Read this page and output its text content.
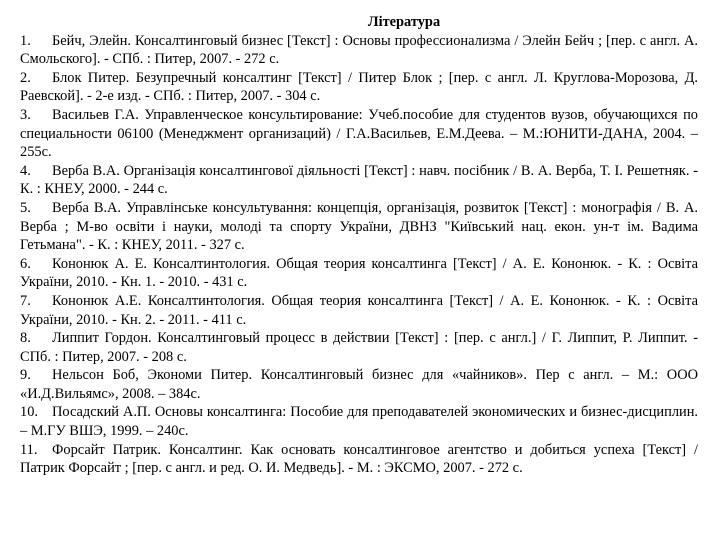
Література

1. Бейч, Элейн. Консалтинговый бизнес [Текст] : Основы профессионализма / Элейн Бейч ; [пер. с англ. А. Смольского]. - СПб. : Питер, 2007. - 272 с.

2. Блок Питер. Безупречный консалтинг [Текст] / Питер Блок ; [пер. с англ. Л. Круглова-Морозова, Д. Раевской]. - 2-е изд. - СПб. : Питер, 2007. - 304 с.

3. Васильев Г.А. Управленческое консультирование: Учеб.пособие для студентов вузов, обучающихся по специальности 06100 (Менеджмент организаций) / Г.А.Васильев, Е.М.Деева. – М.:ЮНИТИ-ДАНА, 2004. – 255с.

4. Верба В.А. Організація консалтингової діяльності [Текст] : навч. посібник / В. А. Верба, Т. І. Решетняк. - К. : КНЕУ, 2000. - 244 с.

5. Верба В.А. Управлінське консультування: концепція, організація, розвиток [Текст] : монографія / В. А. Верба ; М-во освіти і науки, молоді та спорту України, ДВНЗ "Київський нац. екон. ун-т ім. Вадима Гетьмана". - К. : КНЕУ, 2011. - 327 с.

6. Кононюк А. Е. Консалтинтология. Общая теория консалтинга [Текст] / А. Е. Кононюк. - К. : Освіта України, 2010. - Кн. 1. - 2010. - 431 с.

7. Кононюк А.Е. Консалтинтология. Общая теория консалтинга [Текст] / А. Е. Кононюк. - К. : Освіта України, 2010. - Кн. 2. - 2011. - 411 с.

8. Липпит Гордон. Консалтинговый процесс в действии [Текст] : [пер. с англ.] / Г. Липпит, Р. Липпит. - СПб. : Питер, 2007. - 208 с.

9. Нельсон Боб, Экономи Питер. Консалтинговый бизнес для «чайников». Пер с англ. – М.: ООО «И.Д.Вильямс», 2008. – 384с.

10. Посадский А.П. Основы консалтинга: Пособие для преподавателей экономических и бизнес-дисциплин. – М.ГУ ВШЭ, 1999. – 240с.

11. Форсайт Патрик. Консалтинг. Как основать консалтинговое агентство и добиться успеха [Текст] / Патрик Форсайт ; [пер. с англ. и ред. О. И. Медведь]. - М. : ЭКСМО, 2007. - 272 с.
